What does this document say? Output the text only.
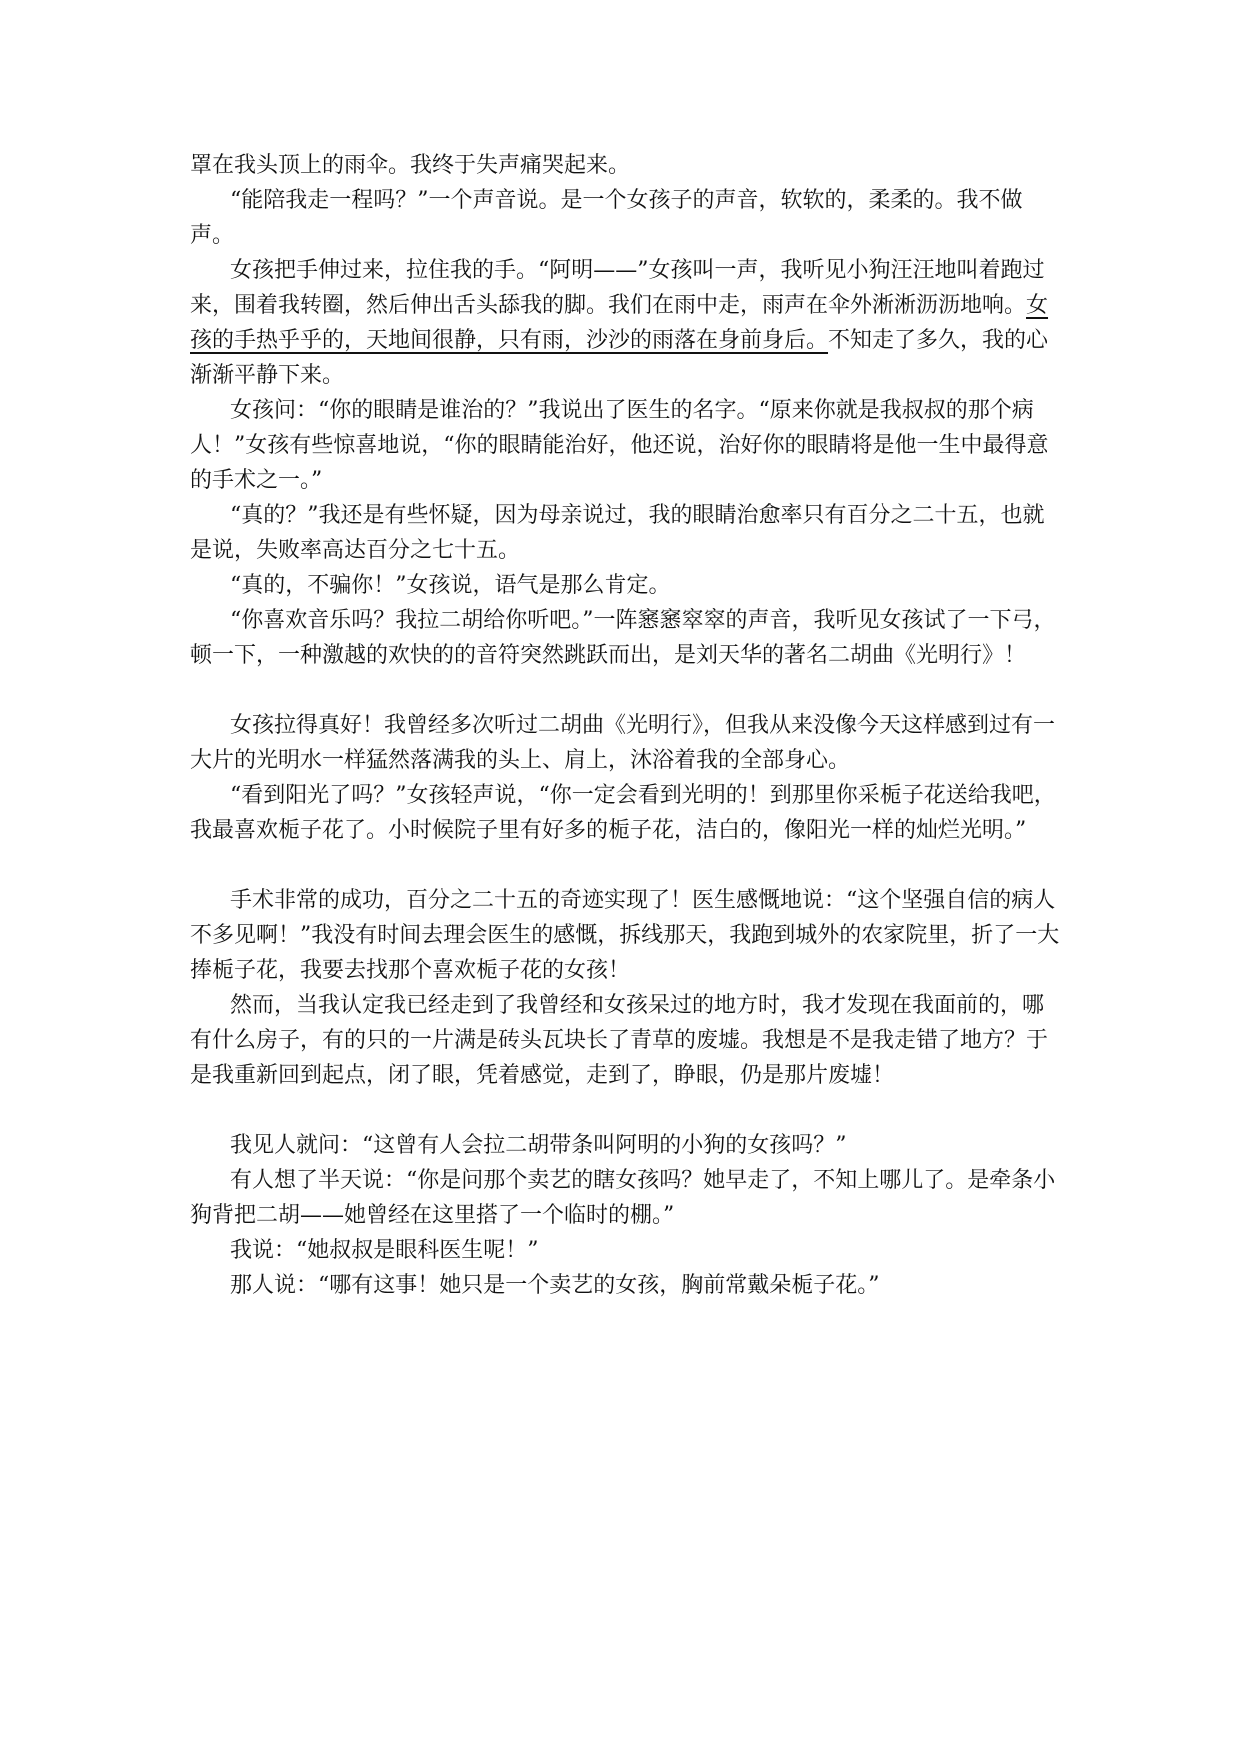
罩在我头顶上的雨伞。我终于失声痛哭起来。

“能陪我走一程吗？”一个声音说。是一个女孩子的声音，软软的，柔柔的。我不做声。

女孩把手伸过来，拉住我的手。“阿明——”女孩叫一声，我听见小狗汪汪地叫着跑过来，围着我转圈，然后伸出舌头舔我的脚。我们在雨中走，雨声在伞外淅淅沥沥地响。女孩的手热乎乎的，天地间很静，只有雨，沙沙的雨落在身前身后。不知走了多久，我的心渐渐平静下来。

女孩问：“你的眼睛是谁治的？”我说出了医生的名字。“原来你就是我叔叔的那个病人！”女孩有些惊喜地说，“你的眼睛能治好，他还说，治好你的眼睛将是他一生中最得意的手术之一。”

“真的？”我还是有些怀疑，因为母亲说过，我的眼睛治愈率只有百分之二十五，也就是说，失败率高达百分之七十五。

“真的，不骗你！”女孩说，语气是那么肯定。

“你喜欢音乐吗？我拉二胡给你听吧。”一阵窸窸窣窣的声音，我听见女孩试了一下弓，顿一下，一种激越的欢快的的音符突然跳跃而出，是刘天华的著名二胡曲《光明行》！

女孩拉得真好！我曾经多次听过二胡曲《光明行》，但我从来没像今天这样感到过有一大片的光明水一样猛然落满我的头上、肩上，沐浴着我的全部身心。

“看到阳光了吗？”女孩轻声说，“你一定会看到光明的！到那里你采栀子花送给我吧，我最喜欢栀子花了。小时候院子里有好多的栀子花，洁白的，像阳光一样的灿烂光明。”

手术非常的成功，百分之二十五的奇迹实现了！医生感慨地说：“这个坚强自信的病人不多见啊！”我没有时间去理会医生的感慨，拆线那天，我跑到城外的农家院里，折了一大捧栀子花，我要去找那个喜欢栀子花的女孩！

然而，当我认定我已经走到了我曾经和女孩呆过的地方时，我才发现在我面前的，哪有什么房子，有的只的一片满是砖头瓦块长了青草的废墟。我想是不是我走错了地方？于是我重新回到起点，闭了眼，凭着感觉，走到了，睁眼，仍是那片废墟！

我见人就问：“这曾有人会拉二胡带条叫阿明的小狗的女孩吗？”

有人想了半天说：“你是问那个卖艺的瞎女孩吗？她早走了，不知上哪儿了。是牵条小狗背把二胡——她曾经在这里搭了一个临时的棚。”

我说：“她叔叔是眼科医生呢！”

那人说：“哪有这事！她只是一个卖艺的女孩，胸前常戴朵栀子花。”
